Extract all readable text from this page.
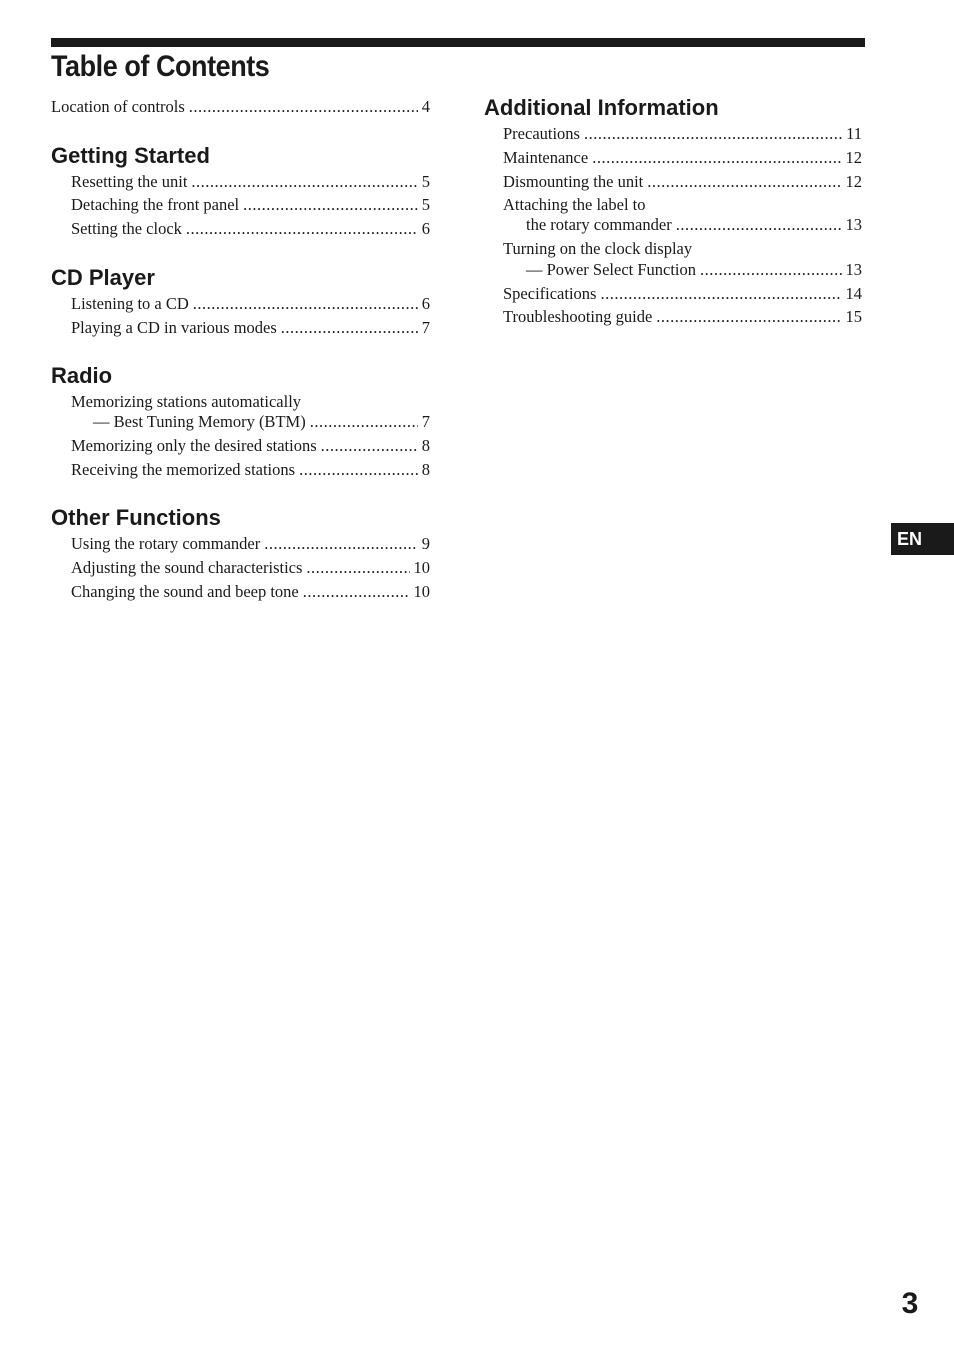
Table of Contents
Location of controls .....	4
Getting Started
Resetting the unit .....	5
Detaching the front panel .....	5
Setting the clock .....	6
CD Player
Listening to a CD .....	6
Playing a CD in various modes .....	7
Radio
Memorizing stations automatically
— Best Tuning Memory (BTM) .....	7
Memorizing only the desired stations .....	8
Receiving the memorized stations .....	8
Other Functions
Using the rotary commander .....	9
Adjusting the sound characteristics .....	10
Changing the sound and beep tone .....	10
Additional Information
Precautions .....	11
Maintenance .....	12
Dismounting the unit .....	12
Attaching the label to
the rotary commander .....	13
Turning on the clock display
— Power Select Function .....	13
Specifications .....	14
Troubleshooting guide .....	15
EN
3
